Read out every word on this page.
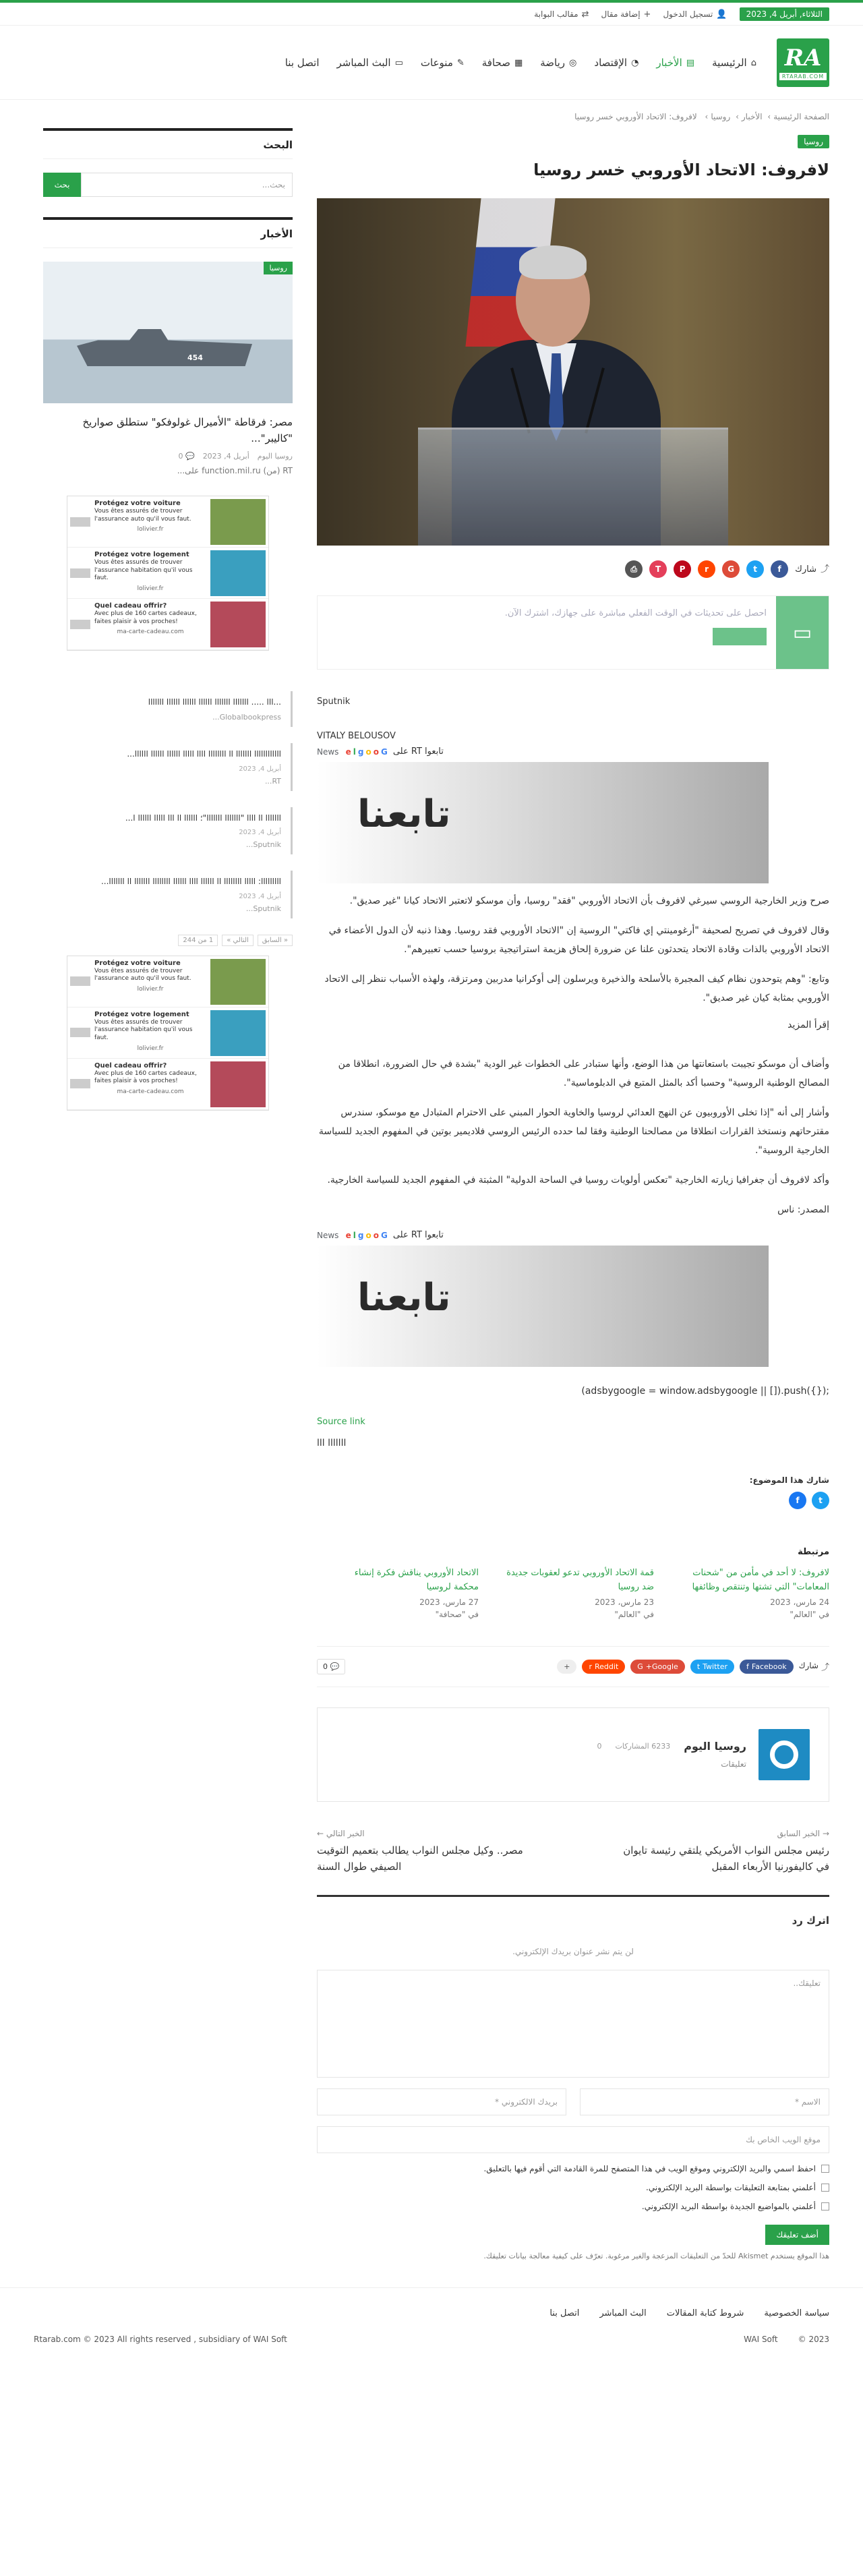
الثلاثاء, أبريل 4, 2023
👤
تسجيل الدخول
+
إضافة مقال
⇄
مقالب البوابة
RA
RTARAB.COM
⌂
الرئيسية
▤
الأخبار
◔
الإقتصاد
◎
رياضة
▦
صحافة
✎
منوعات
▭
البث المباشر
اتصل بنا
الصفحة الرئيسية› الأخبار› روسيا› لافروف: الاتحاد الأوروبي خسر روسيا
روسيا
لافروف: الاتحاد الأوروبي خسر روسيا
⤴
شارك
f
t
G
r
P
T
⎙
▭
احصل على تحديثات في الوقت الفعلي مباشرة على جهازك، اشترك الآن.
Sputnik
VITALY BELOUSOV
تابعوا RT على
G
o
o
g
l
e

News
تابعنا

صرح وزير الخارجية الروسي سيرغي لافروف بأن الاتحاد الأوروبي "فقد" روسيا، وأن موسكو لاتعتبر الاتحاد كيانا "غير صديق".

وقال لافروف في تصريح لصحيفة "أرغومينتي إي فاكتي" الروسية إن "الاتحاد الأوروبي فقد روسيا. وهذا ذنبه لأن الدول الأعضاء في الاتحاد الأوروبي بالذات وقادة الاتحاد يتحدثون علنا عن ضرورة إلحاق هزيمة استراتيجية بروسيا حسب تعبيرهم".

وتابع: "وهم يتوحدون نظام كيف المجبرة بالأسلحة والذخيرة ويرسلون إلى أوكرانيا مدربين ومرتزقة، ولهذه الأسباب ننظر إلى الاتحاد الأوروبي بمثابة كيان غير صديق".

إقرأ المزيد

وأضاف أن موسكو تجيبت باستعانتها من هذا الوضع، وأنها ستبادر على الخطوات غير الودية "بشدة في حال الضرورة، انطلاقا من المصالح الوطنية الروسية" وحسبا أكد بالمثل المتبع في الدبلوماسية".

وأشار إلى أنه "إذا تخلى الأوروبيون عن النهج العدائي لروسيا والخاوية الحوار المبني على الاحترام المتبادل مع موسكو، سندرس مقترحاتهم ونستخذ القرارات انطلاقا من مصالحنا الوطنية وفقا لما حدده الرئيس الروسي فلاديمير بوتين في المفهوم الجديد للسياسة الخارجية الروسية".

وأكد لافروف أن جغرافيا زيارته الخارجية "تعكس أولويات روسيا في الساحة الدولية" المثبتة في المفهوم الجديد للسياسة الخارجية.

المصدر: ناس
تابعوا RT على
G
o
o
g
l
e

News
تابعنا
(adsbygoogle = window.adsbygoogle || []).push({});
Source link
ااااااا ااا
شارك هذا الموضوع:
t
f
مرتبطة
لافروف: لا أحد في مأمن من "شحنات المعامات" التي تشتها وتنتقص وظائفها
24 مارس، 2023
في "العالم"
قمة الاتحاد الأوروبي تدعو لعقوبات جديدة ضد روسيا
23 مارس، 2023
في "العالم"
الاتحاد الأوروبي يناقش فكرة إنشاء محكمة لروسيا
27 مارس، 2023
في "صحافة"
⤴
شارك
Facebook
f
Twitter
t
Google+
G
Reddit
r
+
💬 0
روسيا اليوم
6233 المشاركات
0
تعليقات
→ الخبر السابق
رئيس مجلس النواب الأمريكي يلتقي رئيسة تايوان في كاليفورنيا الأربعاء المقبل
الخبر التالي ←
مصر.. وكيل مجلس النواب يطالب بتعميم التوقيت الصيفي طوال السنة
اترك رد
لن يتم نشر عنوان بريدك الإلكتروني.
تعليقك..
الاسم *
بريدك الالكتروني *
موقع الويب الخاص بك
احفظ اسمي والبريد الإلكتروني وموقع الويب في هذا المتصفح للمرة القادمة التي أقوم فيها بالتعليق.
أعلمني بمتابعة التعليقات بواسطة البريد الإلكتروني.
أعلمني بالمواضيع الجديدة بواسطة البريد الإلكتروني.
أضف تعليقك
هذا الموقع يستخدم Akismet للحدّ من التعليقات المزعجة والغير مرغوبة. تعرّف على كيفية معالجة بيانات تعليقك.
البحث
بحث...
بحث
الأخبار
454
روسيا
مصر: فرقاطة "الأميرال غولوفكو" ستطلق صواريخ "كاليبر"...
روسيا اليوم
أبريل 4, 2023
💬 0
RT (من) function.mil.ru على...
Protégez votre voiture
Vous êtes assurés de trouver l'assurance auto qu'il vous faut.
lolivier.fr
Protégez votre logement
Vous êtes assurés de trouver l'assurance habitation qu'il vous faut.
lolivier.fr
Quel cadeau offrir?
Avec plus de 160 cartes cadeaux, faites plaisir à vos proches!
ma-carte-cadeau.com
...ااا ..... ااااااا ااااااا اااااا اااااا اااااا ااااااا
Globalbookpress...
اااااااااااا ااااااا اا اااااااا اااا ااااا اااااا اااااا اااااا...
أبريل 4, 2023
RT...
ااااااا اا اااا "ااااااا ااااااا"؛ اااااا اا ااا ااااا اااااا ا...
أبريل 4, 2023
Sputnik...
ااااااااا: ااااا اااااااا اا اااااا اااا اااااا اااااااا ااااااا اا ااااااا...
أبريل 4, 2023
Sputnik...
« السابق
التالي »
1 من 244
Protégez votre voiture
Vous êtes assurés de trouver l'assurance auto qu'il vous faut.
lolivier.fr
Protégez votre logement
Vous êtes assurés de trouver l'assurance habitation qu'il vous faut.
lolivier.fr
Quel cadeau offrir?
Avec plus de 160 cartes cadeaux, faites plaisir à vos proches!
ma-carte-cadeau.com
سياسة الخصوصية
شروط كتابة المقالات
البث المباشر
اتصل بنا
2023 ©
WAI Soft
Rtarab.com © 2023 All rights reserved , subsidiary of WAI Soft
